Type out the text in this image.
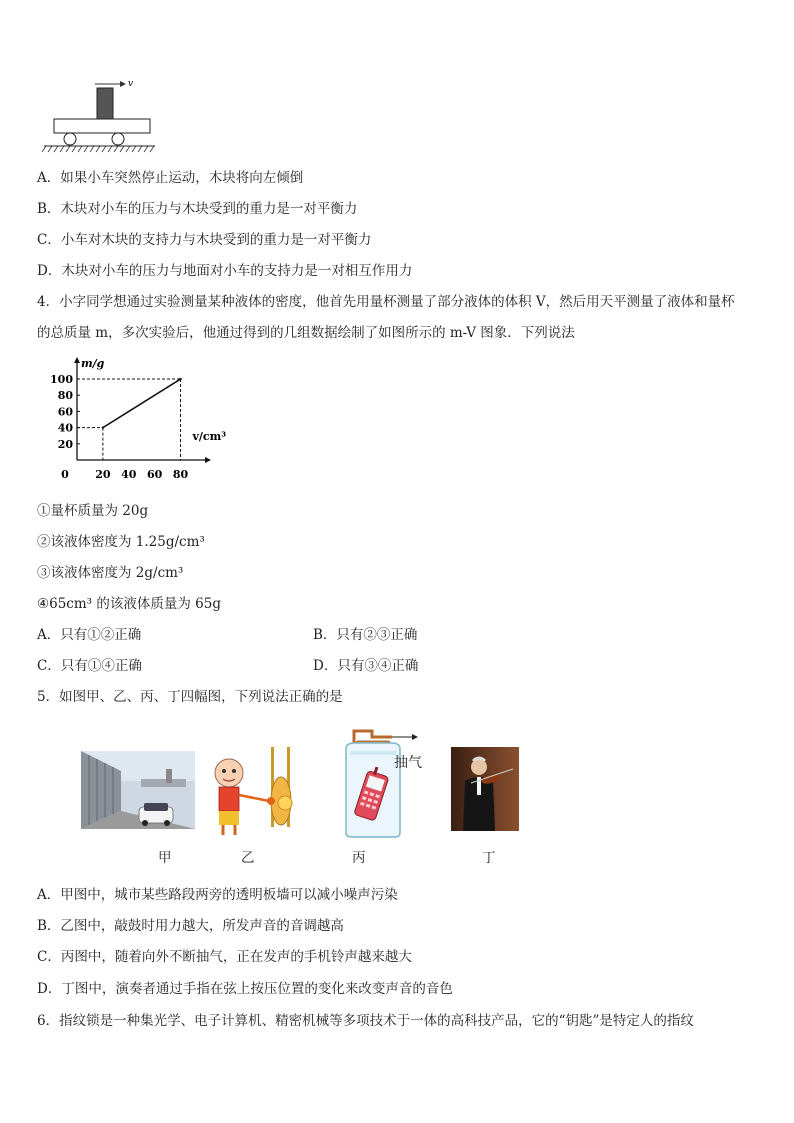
v
A．如果小车突然停止运动，木块将向左倾倒
B．木块对小车的压力与木块受到的重力是一对平衡力
C．小车对木块的支持力与木块受到的重力是一对平衡力
D．木块对小车的压力与地面对小车的支持力是一对相互作用力
4．小字同学想通过实验测量某种液体的密度，他首先用量杯测量了部分液体的体积 V，然后用天平测量了液体和量杯
的总质量 m，多次实验后，他通过得到的几组数据绘制了如图所示的 m-V 图象．下列说法
m/g
v/cm³
0 20 40 60 80
20
40
60
80
100
①量杯质量为 20g
②该液体密度为 1.25g/cm³
③该液体密度为 2g/cm³
④65cm³ 的该液体质量为 65g
A．只有①②正确	B．只有②③正确
C．只有①④正确	D．只有③④正确
5．如图甲、乙、丙、丁四幅图，下列说法正确的是
抽气
甲	乙	丙	丁
A．甲图中，城市某些路段两旁的透明板墙可以减小噪声污染
B．乙图中，敲鼓时用力越大，所发声音的音调越高
C．丙图中，随着向外不断抽气，正在发声的手机铃声越来越大
D．丁图中，演奏者通过手指在弦上按压位置的变化来改变声音的音色
6．指纹锁是一种集光学、电子计算机、精密机械等多项技术于一体的高科技产品，它的“钥匙”是特定人的指纹
